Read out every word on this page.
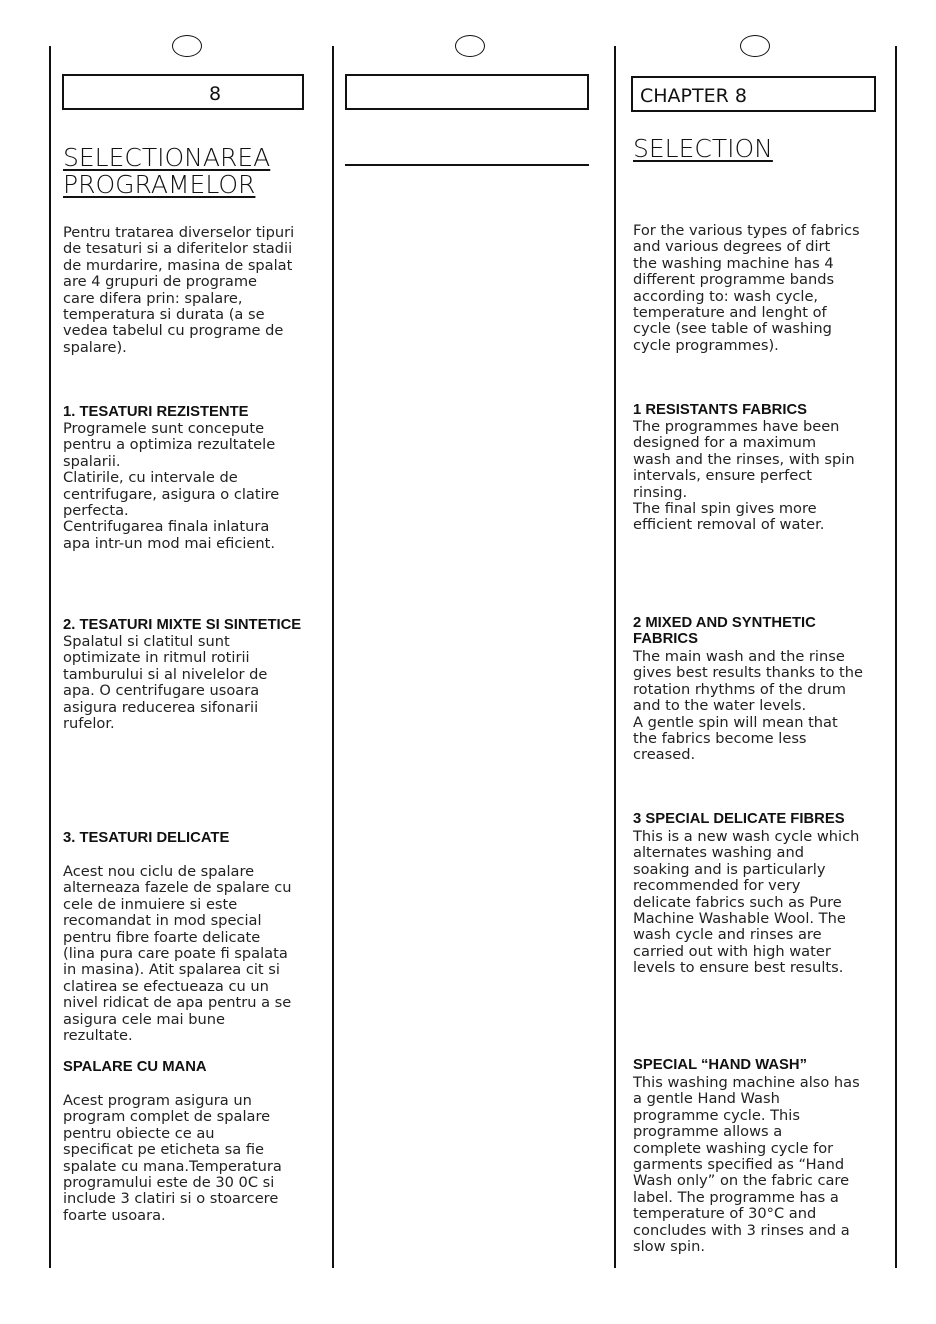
8

SELECTIONAREA

PROGRAMELOR

Pentru tratarea diverselor tipuri
de tesaturi si a diferitelor stadii
de murdarire, masina de spalat
are 4 grupuri de programe
care difera prin: spalare,
temperatura si durata (a se
vedea tabelul cu programe de
spalare).

1. TESATURI REZISTENTE

Programele sunt concepute
pentru a optimiza rezultatele
spalarii.
Clatirile, cu intervale de
centrifugare, asigura o clatire
perfecta.
Centrifugarea finala inlatura
apa intr-un mod mai eficient.

2. TESATURI MIXTE SI SINTETICE

Spalatul si clatitul sunt
optimizate in ritmul rotirii
tamburului si al nivelelor de
apa. O centrifugare usoara
asigura reducerea sifonarii
rufelor.

3. TESATURI DELICATE

Acest nou ciclu de spalare
alterneaza fazele de spalare cu
cele de inmuiere si este
recomandat in mod special
pentru fibre foarte delicate
(lina pura care poate fi spalata
in masina). Atit spalarea cit si
clatirea se efectueaza cu un
nivel ridicat de apa pentru a se
asigura cele mai bune
rezultate.

SPALARE CU MANA

Acest program asigura un
program complet de spalare
pentru obiecte ce au
specificat pe eticheta sa fie
spalate cu mana.Temperatura
programului este de 30 0C si
include 3 clatiri si o stoarcere
foarte usoara.

CHAPTER 8

SELECTION

For the various types of fabrics
and various degrees of dirt
the washing machine has 4
different programme bands
according to: wash cycle,
temperature and lenght of
cycle (see table of washing
cycle programmes).

1 RESISTANTS FABRICS

The programmes have been
designed for a maximum
wash and the rinses, with spin
intervals, ensure perfect
rinsing.
The final spin gives more
efficient removal of water.

2 MIXED AND SYNTHETIC
FABRICS

The main wash and the rinse
gives best results thanks to the
rotation rhythms of the drum
and to the water levels.
A gentle spin will mean that
the fabrics become less
creased.

3 SPECIAL DELICATE FIBRES

This is a new wash cycle which
alternates washing and
soaking and is particularly
recommended for very
delicate fabrics such as Pure
Machine Washable Wool. The
wash cycle and rinses are
carried out with high water
levels to ensure best results.

SPECIAL “HAND WASH”

This washing machine also has
a gentle Hand Wash
programme cycle. This
programme allows a
complete washing cycle for
garments specified as “Hand
Wash only” on the fabric care
label. The programme has a
temperature of 30°C and
concludes with 3 rinses and a
slow spin.
